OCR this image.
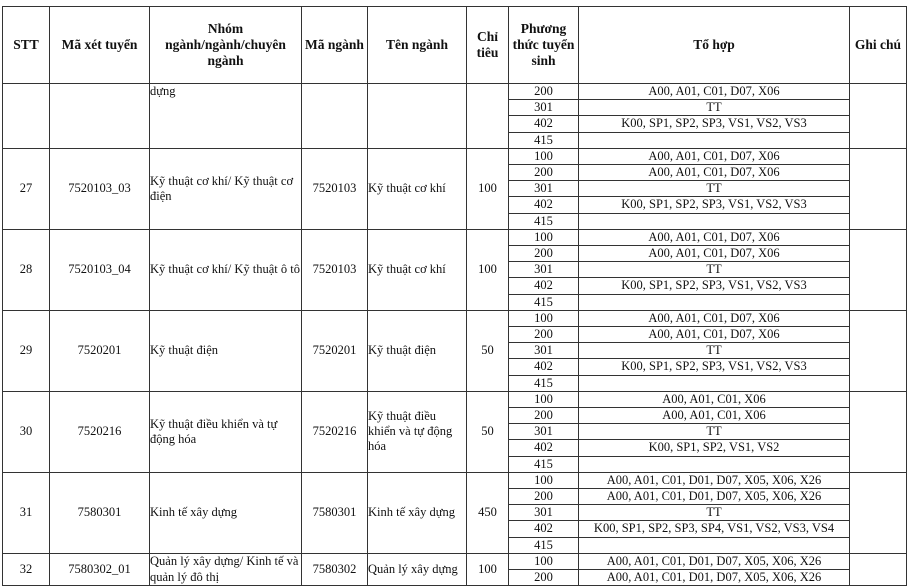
STT	Mã xét tuyển	Nhóm ngành/ngành/chuyên ngành	Mã ngành	Tên ngành	Chỉ tiêu	Phương thức tuyển sinh	Tổ hợp	Ghi chú
		dựng				200	A00, A01, C01, D07, X06	
						301	TT	
						402	K00, SP1, SP2, SP3, VS1, VS2, VS3	
						415		
27	7520103_03	Kỹ thuật cơ khí/ Kỹ thuật cơ điện	7520103	Kỹ thuật cơ khí	100	100	A00, A01, C01, D07, X06	
						200	A00, A01, C01, D07, X06	
						301	TT	
						402	K00, SP1, SP2, SP3, VS1, VS2, VS3	
						415		
28	7520103_04	Kỹ thuật cơ khí/ Kỹ thuật ô tô	7520103	Kỹ thuật cơ khí	100	100	A00, A01, C01, D07, X06	
						200	A00, A01, C01, D07, X06	
						301	TT	
						402	K00, SP1, SP2, SP3, VS1, VS2, VS3	
						415		
29	7520201	Kỹ thuật điện	7520201	Kỹ thuật điện	50	100	A00, A01, C01, D07, X06	
						200	A00, A01, C01, D07, X06	
						301	TT	
						402	K00, SP1, SP2, SP3, VS1, VS2, VS3	
						415		
30	7520216	Kỹ thuật điều khiển và tự động hóa	7520216	Kỹ thuật điều khiển và tự động hóa	50	100	A00, A01, C01, X06	
						200	A00, A01, C01, X06	
						301	TT	
						402	K00, SP1, SP2, VS1, VS2	
						415		
31	7580301	Kinh tế xây dựng	7580301	Kinh tế xây dựng	450	100	A00, A01, C01, D01, D07, X05, X06, X26	
						200	A00, A01, C01, D01, D07, X05, X06, X26	
						301	TT	
						402	K00, SP1, SP2, SP3, SP4, VS1, VS2, VS3, VS4	
						415		
32	7580302_01	Quản lý xây dựng/ Kinh tế và quản lý đô thị	7580302	Quản lý xây dựng	100	100	A00, A01, C01, D01, D07, X05, X06, X26	
						200	A00, A01, C01, D01, D07, X05, X06, X26	
